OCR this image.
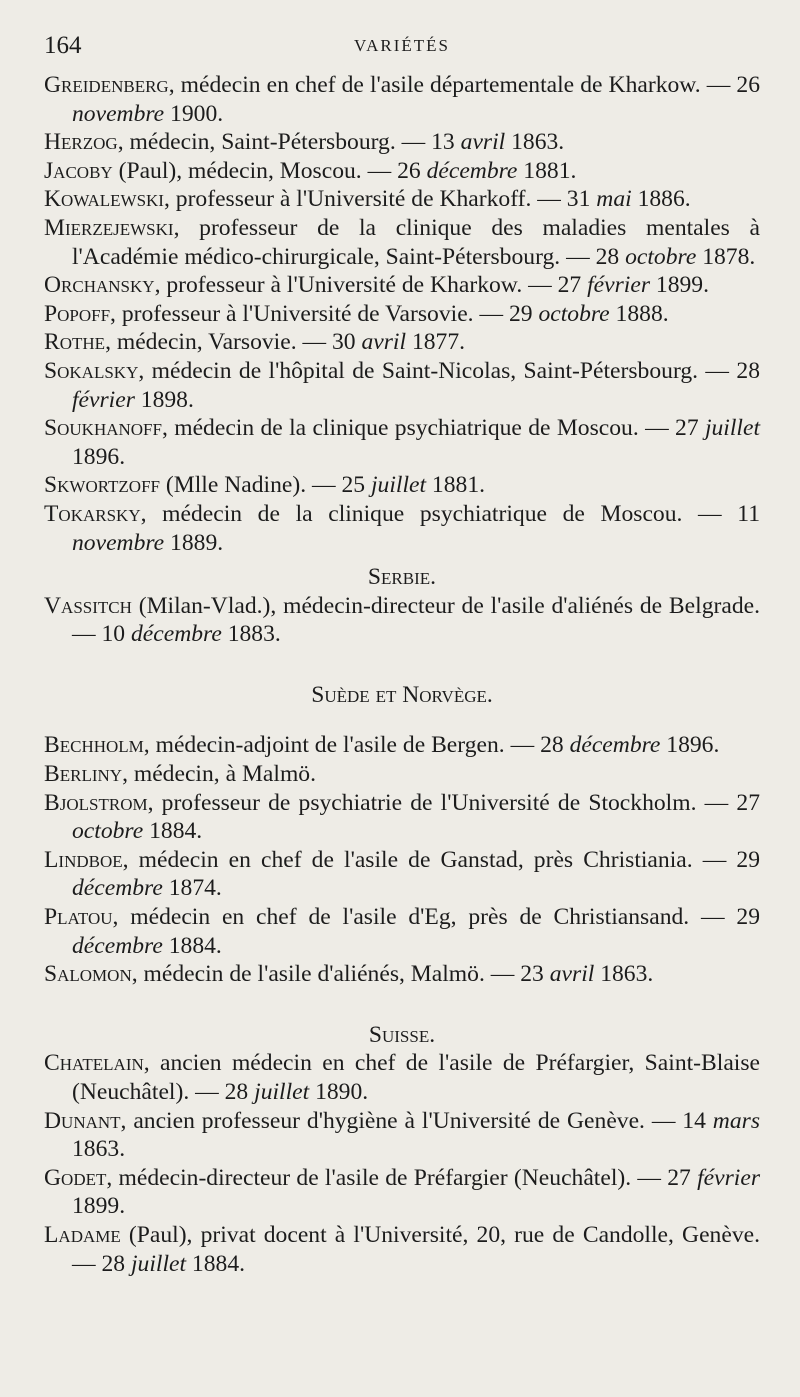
164	VARIÉTÉS

Greidenberg, médecin en chef de l'asile départementale de Kharkow. — 26 novembre 1900.

Herzog, médecin, Saint-Pétersbourg. — 13 avril 1863.

Jacoby (Paul), médecin, Moscou. — 26 décembre 1881.

Kowalewski, professeur à l'Université de Kharkoff. — 31 mai 1886.

Mierzejewski, professeur de la clinique des maladies mentales à l'Académie médico-chirurgicale, Saint-Pétersbourg. — 28 octobre 1878.

Orchansky, professeur à l'Université de Kharkow. — 27 février 1899.

Popoff, professeur à l'Université de Varsovie. — 29 octobre 1888.

Rothe, médecin, Varsovie. — 30 avril 1877.

Sokalsky, médecin de l'hôpital de Saint-Nicolas, Saint-Pétersbourg. — 28 février 1898.

Soukhanoff, médecin de la clinique psychiatrique de Moscou. — 27 juillet 1896.

Skwortzoff (Mlle Nadine). — 25 juillet 1881.

Tokarsky, médecin de la clinique psychiatrique de Moscou. — 11 novembre 1889.

Serbie.

Vassitch (Milan-Vlad.), médecin-directeur de l'asile d'aliénés de Belgrade. — 10 décembre 1883.

Suède et Norvège.

Bechholm, médecin-adjoint de l'asile de Bergen. — 28 décembre 1896.

Berliny, médecin, à Malmö.

Bjolstrom, professeur de psychiatrie de l'Université de Stockholm. — 27 octobre 1884.

Lindboe, médecin en chef de l'asile de Ganstad, près Christiania. — 29 décembre 1874.

Platou, médecin en chef de l'asile d'Eg, près de Christiansand. — 29 décembre 1884.

Salomon, médecin de l'asile d'aliénés, Malmö. — 23 avril 1863.

Suisse.

Chatelain, ancien médecin en chef de l'asile de Préfargier, Saint-Blaise (Neuchâtel). — 28 juillet 1890.

Dunant, ancien professeur d'hygiène à l'Université de Genève. — 14 mars 1863.

Godet, médecin-directeur de l'asile de Préfargier (Neuchâtel). — 27 février 1899.

Ladame (Paul), privat docent à l'Université, 20, rue de Candolle, Genève. — 28 juillet 1884.
